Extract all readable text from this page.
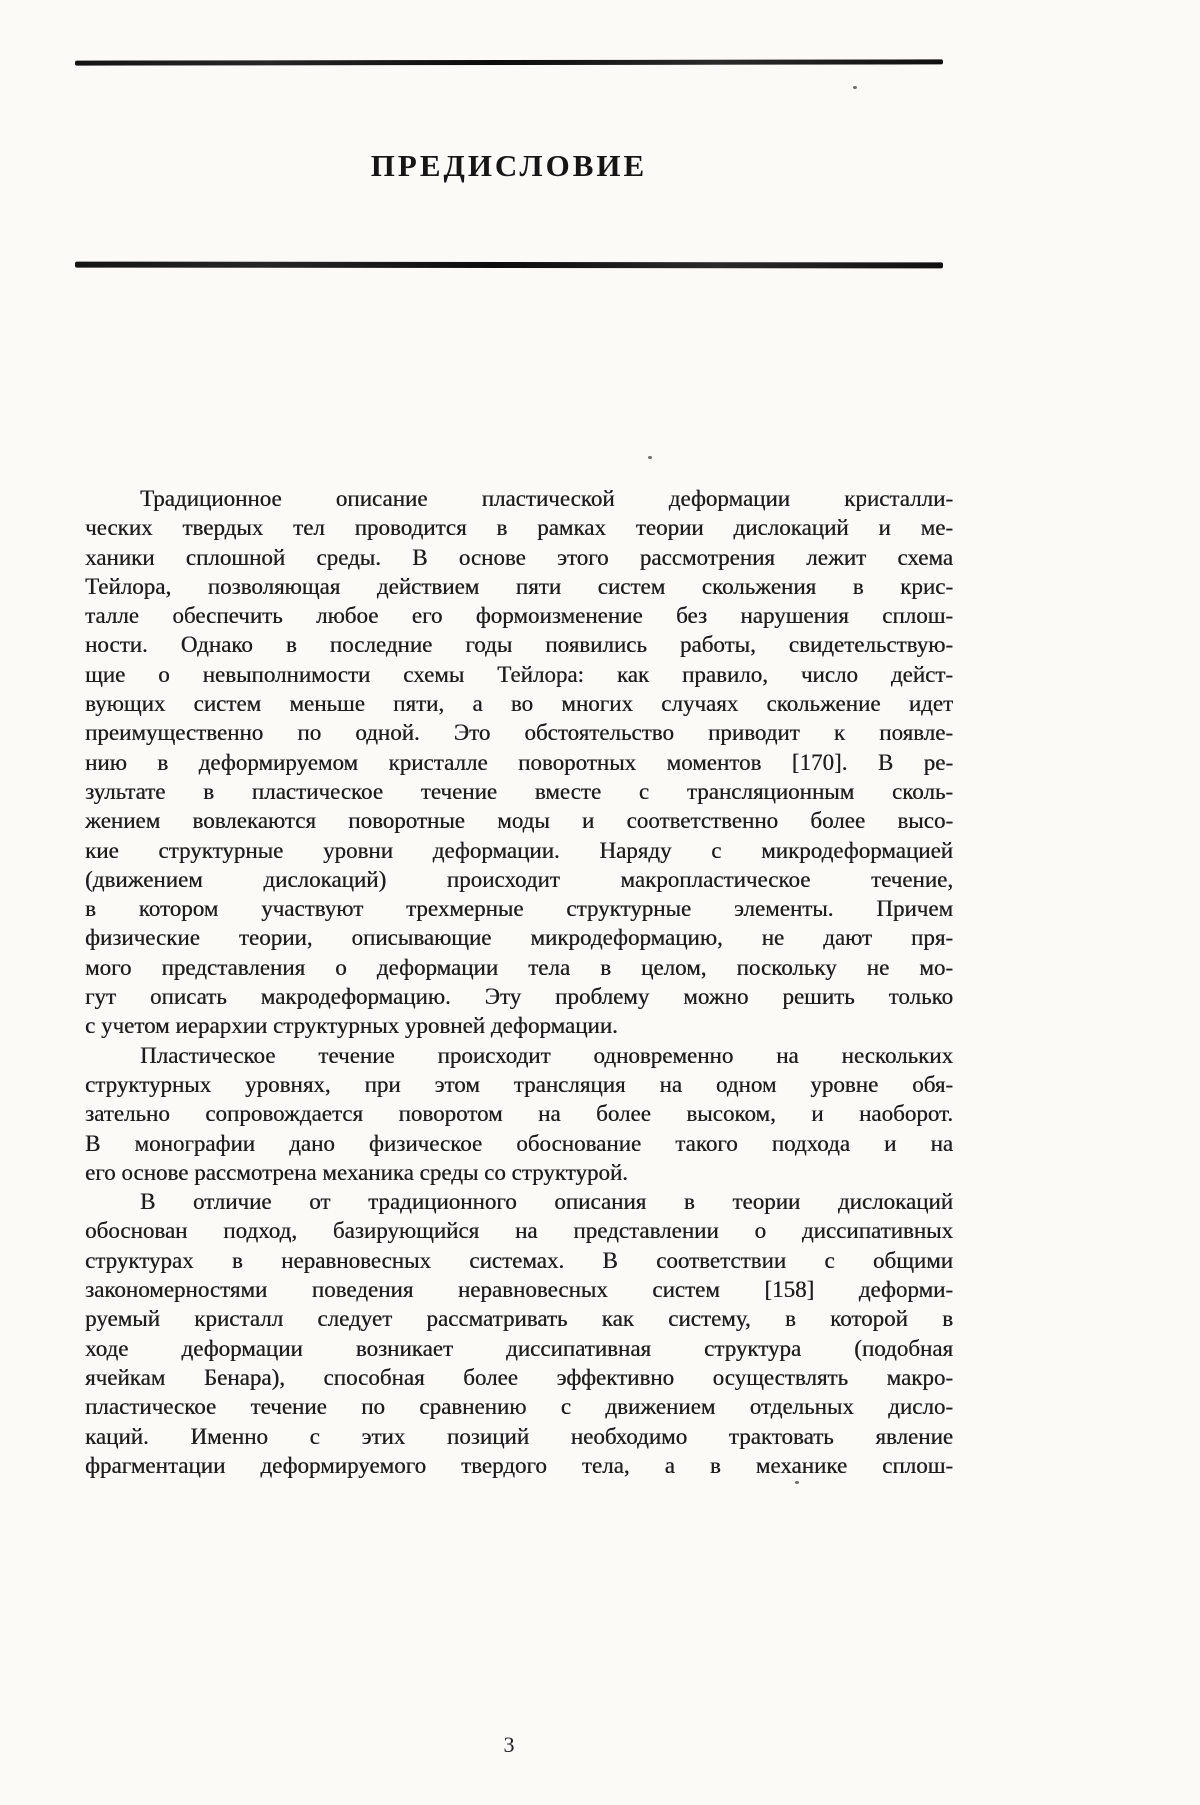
ПРЕДИСЛОВИЕ
Традиционное описание пластической деформации кристалли-
ческих твердых тел проводится в рамках теории дислокаций и ме-
ханики сплошной среды. В основе этого рассмотрения лежит схема
Тейлора, позволяющая действием пяти систем скольжения в крис-
талле обеспечить любое его формоизменение без нарушения сплош-
ности. Однако в последние годы появились работы, свидетельствую-
щие о невыполнимости схемы Тейлора: как правило, число дейст-
вующих систем меньше пяти, а во многих случаях скольжение идет
преимущественно по одной. Это обстоятельство приводит к появле-
нию в деформируемом кристалле поворотных моментов [170]. В ре-
зультате в пластическое течение вместе с трансляционным сколь-
жением вовлекаются поворотные моды и соответственно более высо-
кие структурные уровни деформации. Наряду с микродеформацией
(движением дислокаций) происходит макропластическое течение,
в котором участвуют трехмерные структурные элементы. Причем
физические теории, описывающие микродеформацию, не дают пря-
мого представления о деформации тела в целом, поскольку не мо-
гут описать макродеформацию. Эту проблему можно решить только
с учетом иерархии структурных уровней деформации.
Пластическое течение происходит одновременно на нескольких
структурных уровнях, при этом трансляция на одном уровне обя-
зательно сопровождается поворотом на более высоком, и наоборот.
В монографии дано физическое обоснование такого подхода и на
его основе рассмотрена механика среды со структурой.
В отличие от традиционного описания в теории дислокаций
обоснован подход, базирующийся на представлении о диссипативных
структурах в неравновесных системах. В соответствии с общими
закономерностями поведения неравновесных систем [158] деформи-
руемый кристалл следует рассматривать как систему, в которой в
ходе деформации возникает диссипативная структура (подобная
ячейкам Бенара), способная более эффективно осуществлять макро-
пластическое течение по сравнению с движением отдельных дисло-
каций. Именно с этих позиций необходимо трактовать явление
фрагментации деформируемого твердого тела, а в механике сплош-
3
